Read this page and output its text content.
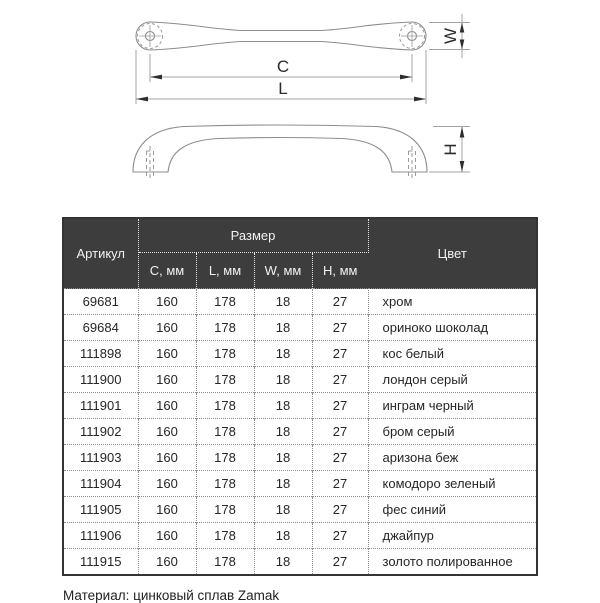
C
L
W
H
Артикул	Размер				Цвет
	C, мм	L, мм	W, мм	H, мм	
69681	160	178	18	27	хром
69684	160	178	18	27	ориноко шоколад
111898	160	178	18	27	кос белый
111900	160	178	18	27	лондон серый
111901	160	178	18	27	инграм черный
111902	160	178	18	27	бром серый
111903	160	178	18	27	аризона беж
111904	160	178	18	27	комодоро зеленый
111905	160	178	18	27	фес синий
111906	160	178	18	27	джайпур
111915	160	178	18	27	золото полированное
Материал: цинковый сплав Zamak
